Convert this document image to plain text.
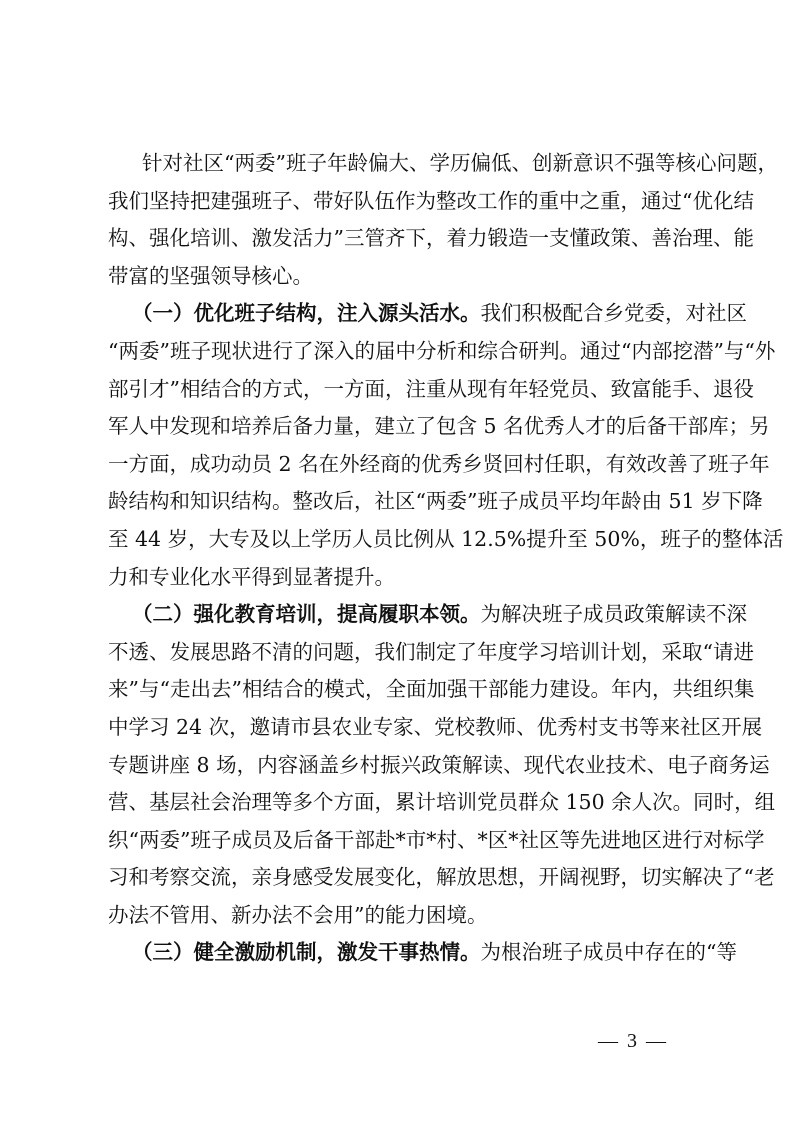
针对社区“两委”班子年龄偏大、学历偏低、创新意识不强等核心问题，
我们坚持把建强班子、带好队伍作为整改工作的重中之重，通过“优化结
构、强化培训、激发活力”三管齐下，着力锻造一支懂政策、善治理、能
带富的坚强领导核心。
（一）优化班子结构，注入源头活水。我们积极配合乡党委，对社区
“两委”班子现状进行了深入的届中分析和综合研判。通过“内部挖潜”与“外
部引才”相结合的方式，一方面，注重从现有年轻党员、致富能手、退役
军人中发现和培养后备力量，建立了包含 5 名优秀人才的后备干部库；另
一方面，成功动员 2 名在外经商的优秀乡贤回村任职，有效改善了班子年
龄结构和知识结构。整改后，社区“两委”班子成员平均年龄由 51 岁下降
至 44 岁，大专及以上学历人员比例从 12.5%提升至 50%，班子的整体活
力和专业化水平得到显著提升。
（二）强化教育培训，提高履职本领。为解决班子成员政策解读不深
不透、发展思路不清的问题，我们制定了年度学习培训计划，采取“请进
来”与“走出去”相结合的模式，全面加强干部能力建设。年内，共组织集
中学习 24 次，邀请市县农业专家、党校教师、优秀村支书等来社区开展
专题讲座 8 场，内容涵盖乡村振兴政策解读、现代农业技术、电子商务运
营、基层社会治理等多个方面，累计培训党员群众 150 余人次。同时，组
织“两委”班子成员及后备干部赴*市*村、*区*社区等先进地区进行对标学
习和考察交流，亲身感受发展变化，解放思想，开阔视野，切实解决了“老
办法不管用、新办法不会用”的能力困境。
（三）健全激励机制，激发干事热情。为根治班子成员中存在的“等
— 3 —
